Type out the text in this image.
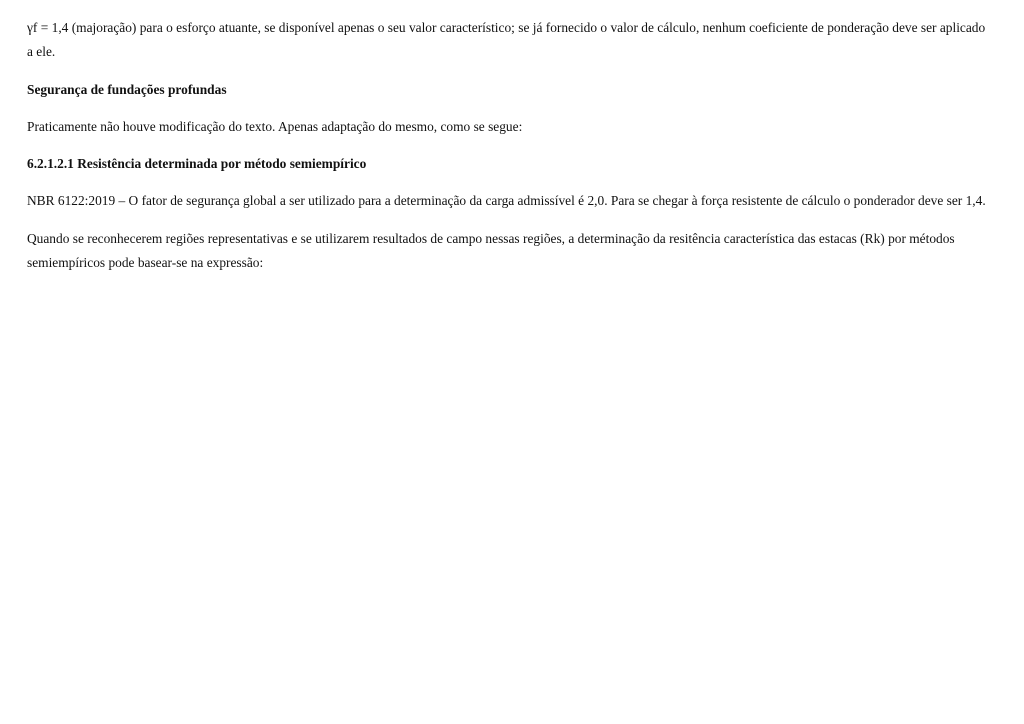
γf = 1,4 (majoração) para o esforço atuante, se disponível apenas o seu valor característico; se já fornecido o valor de cálculo, nenhum coeficiente de ponderação deve ser aplicado a ele.

Segurança de fundações profundas

Praticamente não houve modificação do texto. Apenas adaptação do mesmo, como se segue:

6.2.1.2.1 Resistência determinada por método semiempírico

NBR 6122:2019 – O fator de segurança global a ser utilizado para a determinação da carga admissível é 2,0. Para se chegar à força resistente de cálculo o ponderador deve ser 1,4.

Quando se reconhecerem regiões representativas e se utilizarem resultados de campo nessas regiões, a determinação da resitência característica das estacas (Rk) por métodos semiempíricos pode basear-se na expressão:
